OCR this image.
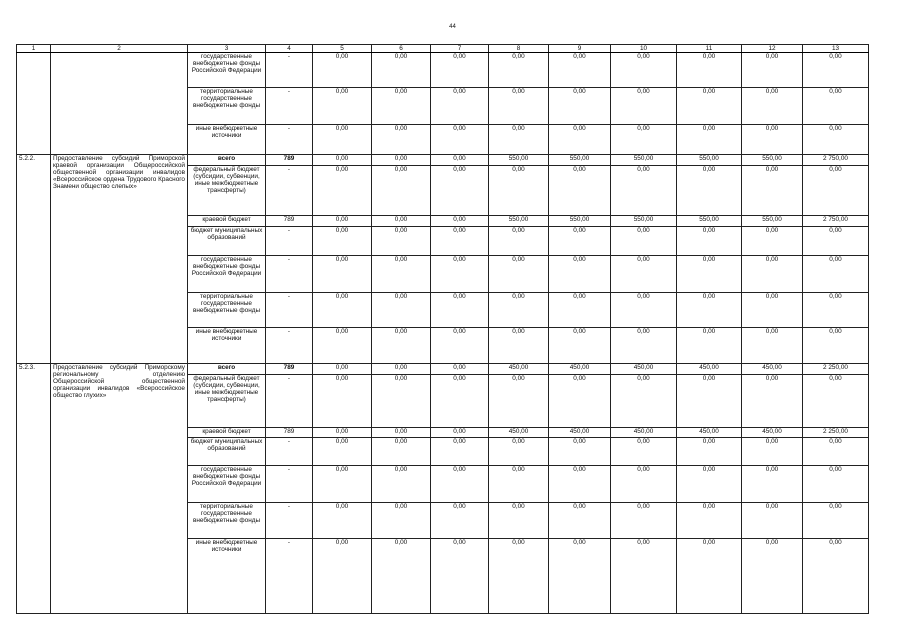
44
1	2	3	4	5	6	7	8	9	10	11	12	13
		государственные внебюджетные фонды Российской Федерации	-	0,00	0,00	0,00	0,00	0,00	0,00	0,00	0,00	0,00
		территориальные государственные внебюджетные фонды	-	0,00	0,00	0,00	0,00	0,00	0,00	0,00	0,00	0,00
		иные внебюджетные источники	-	0,00	0,00	0,00	0,00	0,00	0,00	0,00	0,00	0,00
5.2.2.	Предоставление субсидий Приморской краевой организации Общероссийской общественной организации инвалидов «Всероссийское ордена Трудового Красного Знамени общество слепых»	всего	789	0,00	0,00	0,00	550,00	550,00	550,00	550,00	550,00	2 750,00
		федеральный бюджет (субсидии, субвенции, иные межбюджетные трансферты)	-	0,00	0,00	0,00	0,00	0,00	0,00	0,00	0,00	0,00
		краевой бюджет	789	0,00	0,00	0,00	550,00	550,00	550,00	550,00	550,00	2 750,00
		бюджет муниципальных образований	-	0,00	0,00	0,00	0,00	0,00	0,00	0,00	0,00	0,00
		государственные внебюджетные фонды Российской Федерации	-	0,00	0,00	0,00	0,00	0,00	0,00	0,00	0,00	0,00
		территориальные государственные внебюджетные фонды	-	0,00	0,00	0,00	0,00	0,00	0,00	0,00	0,00	0,00
		иные внебюджетные источники	-	0,00	0,00	0,00	0,00	0,00	0,00	0,00	0,00	0,00
5.2.3.	Предоставление субсидий Приморскому региональному отделению Общероссийской общественной организации инвалидов «Всероссийское общество глухих»	всего	789	0,00	0,00	0,00	450,00	450,00	450,00	450,00	450,00	2 250,00
		федеральный бюджет (субсидии, субвенции, иные межбюджетные трансферты)	-	0,00	0,00	0,00	0,00	0,00	0,00	0,00	0,00	0,00
		краевой бюджет	789	0,00	0,00	0,00	450,00	450,00	450,00	450,00	450,00	2 250,00
		бюджет муниципальных образований	-	0,00	0,00	0,00	0,00	0,00	0,00	0,00	0,00	0,00
		государственные внебюджетные фонды Российской Федерации	-	0,00	0,00	0,00	0,00	0,00	0,00	0,00	0,00	0,00
		территориальные государственные внебюджетные фонды	-	0,00	0,00	0,00	0,00	0,00	0,00	0,00	0,00	0,00
		иные внебюджетные источники	-	0,00	0,00	0,00	0,00	0,00	0,00	0,00	0,00	0,00
